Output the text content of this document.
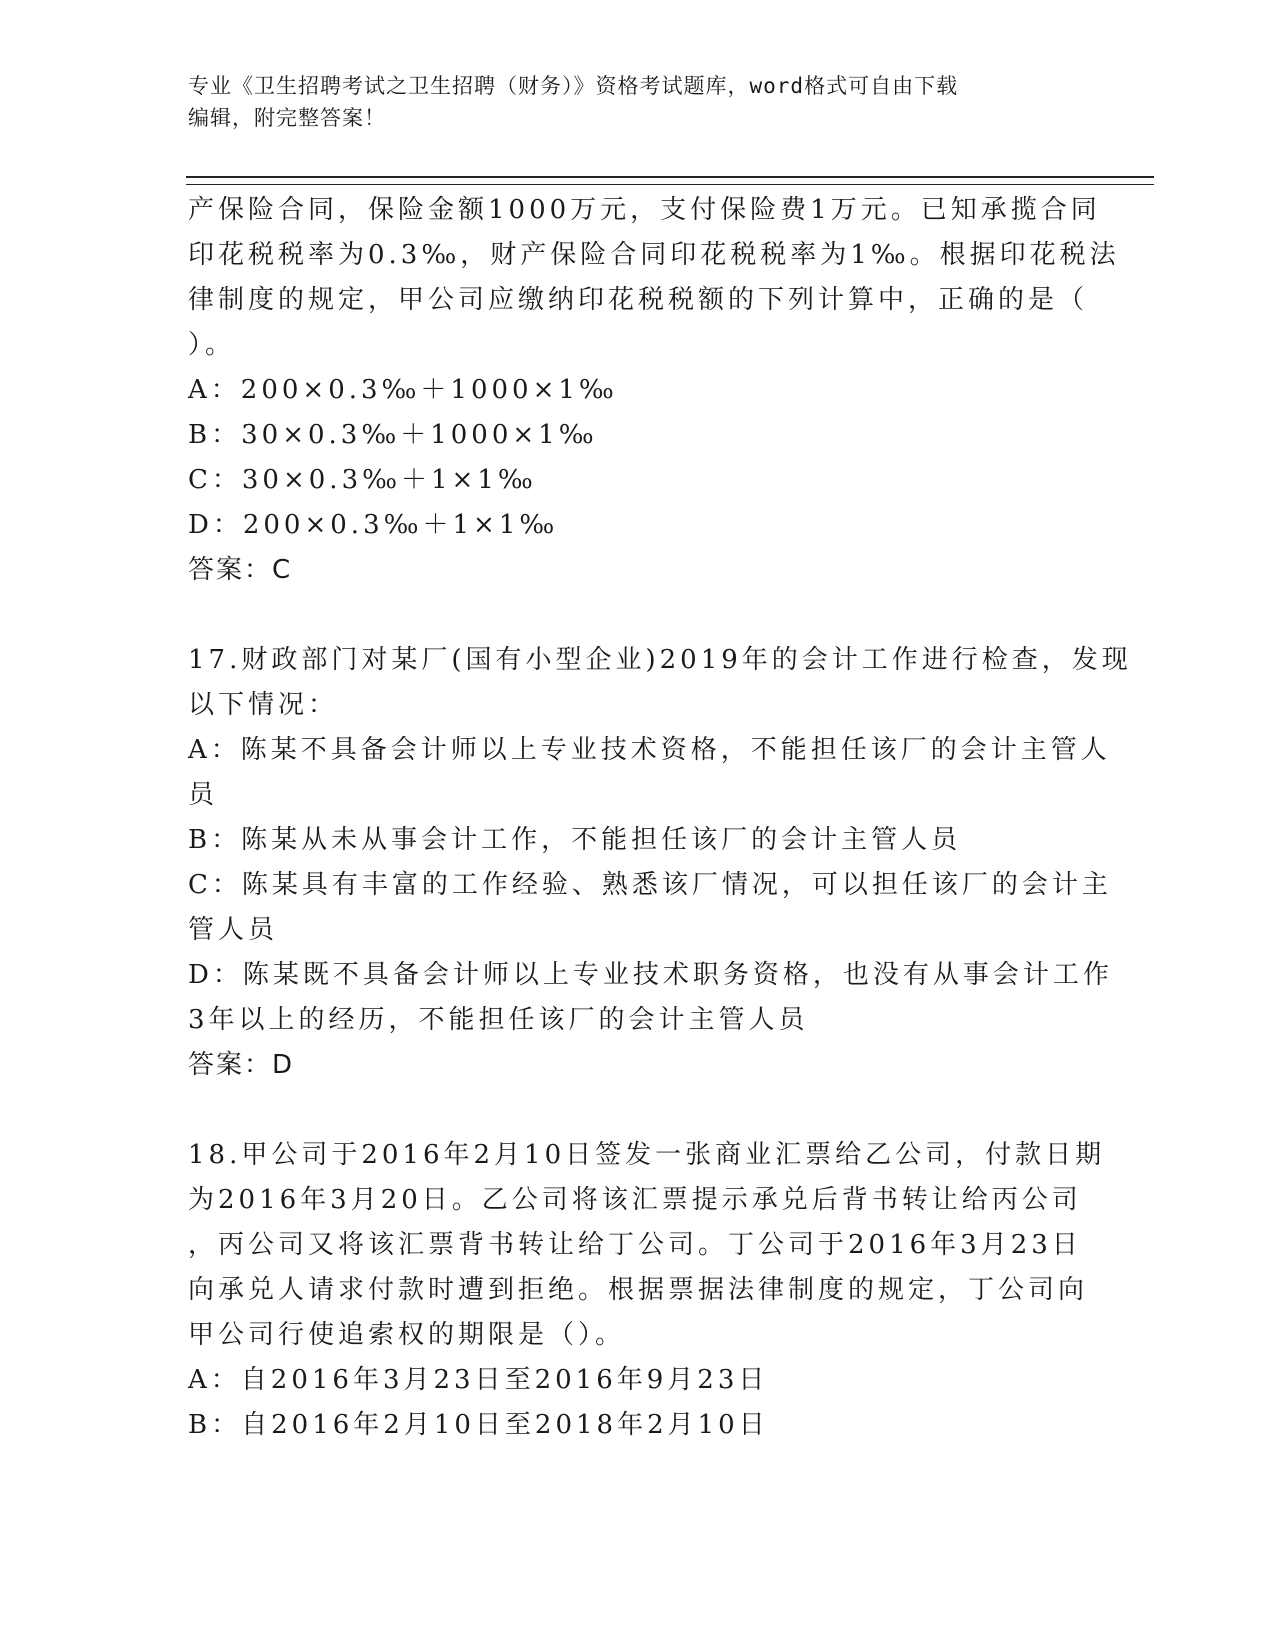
专业《卫生招聘考试之卫生招聘（财务）》资格考试题库，word格式可自由下载
编辑，附完整答案！
产保险合同，保险金额1000万元，支付保险费1万元。已知承揽合同
印花税税率为0.3‰，财产保险合同印花税税率为1‰。根据印花税法
律制度的规定，甲公司应缴纳印花税税额的下列计算中，正确的是（
）。
A：200×0.3‰＋1000×1‰
B：30×0.3‰＋1000×1‰
C：30×0.3‰＋1×1‰
D：200×0.3‰＋1×1‰
答案：C
17.财政部门对某厂(国有小型企业)2019年的会计工作进行检查，发现
以下情况：
A：陈某不具备会计师以上专业技术资格，不能担任该厂的会计主管人
员
B：陈某从未从事会计工作，不能担任该厂的会计主管人员
C：陈某具有丰富的工作经验、熟悉该厂情况，可以担任该厂的会计主
管人员
D：陈某既不具备会计师以上专业技术职务资格，也没有从事会计工作
3年以上的经历，不能担任该厂的会计主管人员
答案：D
18.甲公司于2016年2月10日签发一张商业汇票给乙公司，付款日期
为2016年3月20日。乙公司将该汇票提示承兑后背书转让给丙公司
，丙公司又将该汇票背书转让给丁公司。丁公司于2016年3月23日
向承兑人请求付款时遭到拒绝。根据票据法律制度的规定，丁公司向
甲公司行使追索权的期限是（）。
A：自2016年3月23日至2016年9月23日
B：自2016年2月10日至2018年2月10日
